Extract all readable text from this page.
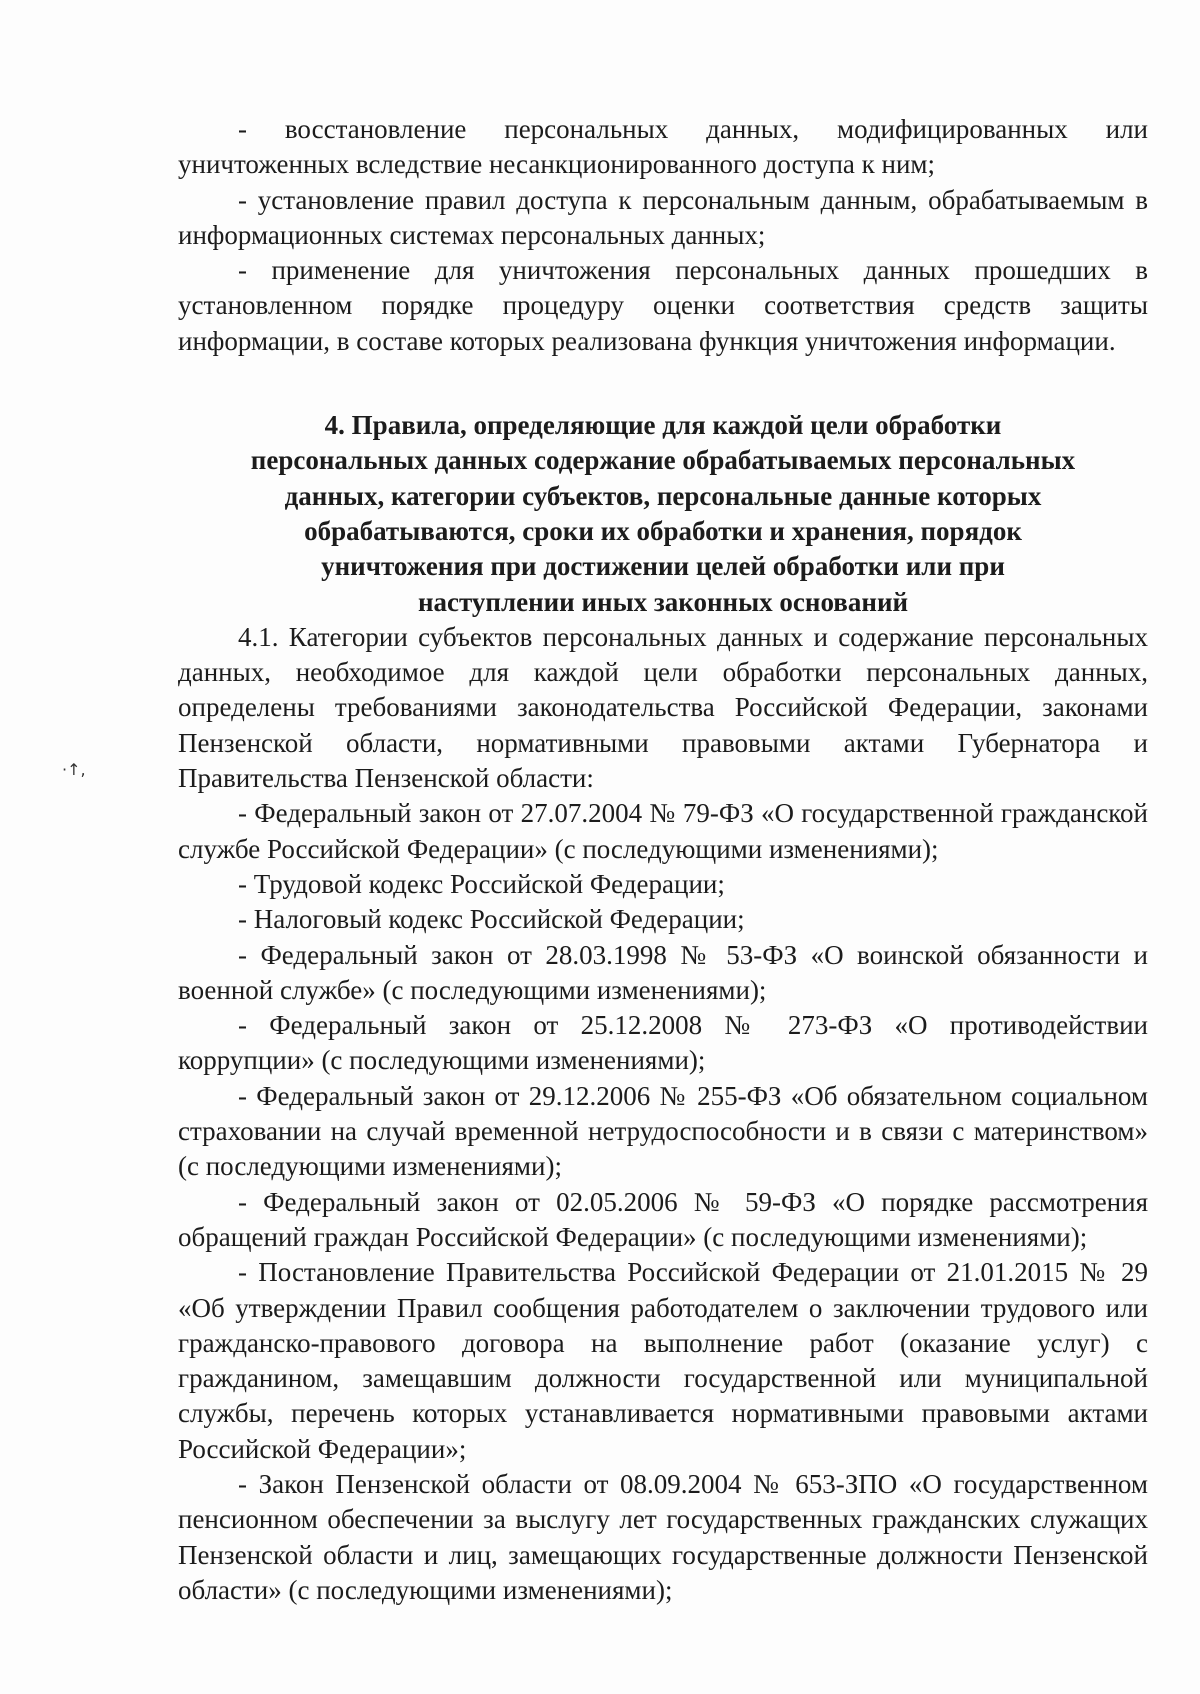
·↑,

- восстановление персональных данных, модифицированных или уничтоженных вследствие несанкционированного доступа к ним;

- установление правил доступа к персональным данным, обрабатываемым в информационных системах персональных данных;

- применение для уничтожения персональных данных прошедших в установленном порядке процедуру оценки соответствия средств защиты информации, в составе которых реализована функция уничтожения информации.

4. Правила, определяющие для каждой цели обработки персональных данных содержание обрабатываемых персональных данных, категории субъектов, персональные данные которых обрабатываются, сроки их обработки и хранения, порядок уничтожения при достижении целей обработки или при наступлении иных законных оснований

4.1. Категории субъектов персональных данных и содержание персональных данных, необходимое для каждой цели обработки персональных данных, определены требованиями законодательства Российской Федерации, законами Пензенской области, нормативными правовыми актами Губернатора и Правительства Пензенской области:

- Федеральный закон от 27.07.2004 № 79-ФЗ «О государственной гражданской службе Российской Федерации» (с последующими изменениями);

- Трудовой кодекс Российской Федерации;

- Налоговый кодекс Российской Федерации;

- Федеральный закон от 28.03.1998 № 53-ФЗ «О воинской обязанности и военной службе» (с последующими изменениями);

- Федеральный закон от 25.12.2008 № 273-ФЗ «О противодействии коррупции» (с последующими изменениями);

- Федеральный закон от 29.12.2006 № 255-ФЗ «Об обязательном социальном страховании на случай временной нетрудоспособности и в связи с материнством» (с последующими изменениями);

- Федеральный закон от 02.05.2006 № 59-ФЗ «О порядке рассмотрения обращений граждан Российской Федерации» (с последующими изменениями);

- Постановление Правительства Российской Федерации от 21.01.2015 № 29 «Об утверждении Правил сообщения работодателем о заключении трудового или гражданско-правового договора на выполнение работ (оказание услуг) с гражданином, замещавшим должности государственной или муниципальной службы, перечень которых устанавливается нормативными правовыми актами Российской Федерации»;

- Закон Пензенской области от 08.09.2004 № 653-ЗПО «О государственном пенсионном обеспечении за выслугу лет государственных гражданских служащих Пензенской области и лиц, замещающих государственные должности Пензенской области» (с последующими изменениями);
